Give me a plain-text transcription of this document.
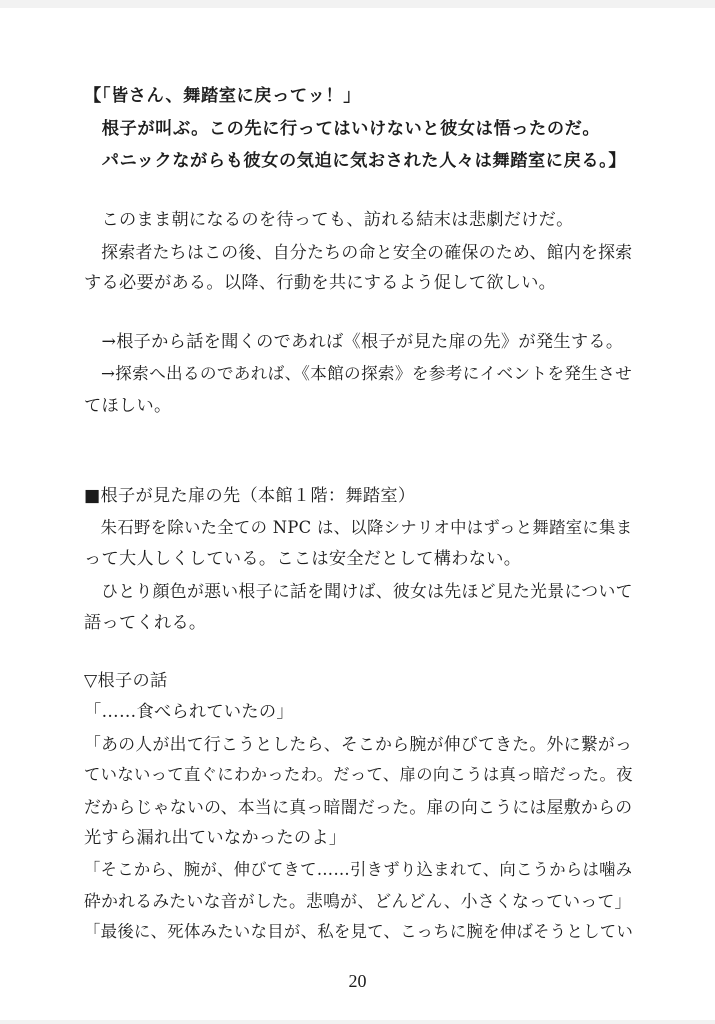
【「皆さん、舞踏室に戻ってッ！」
　根子が叫ぶ。この先に行ってはいけないと彼女は悟ったのだ。
　パニックながらも彼女の気迫に気おされた人々は舞踏室に戻る。】
　このまま朝になるのを待っても、訪れる結末は悲劇だけだ。
　探索者たちはこの後、自分たちの命と安全の確保のため、館内を探索
する必要がある。以降、行動を共にするよう促して欲しい。
　→根子から話を聞くのであれば《根子が見た扉の先》が発生する。
　→探索へ出るのであれば、《本館の探索》を参考にイベントを発生させ
てほしい。
■根子が見た扉の先（本館１階：舞踏室）
　朱石野を除いた全ての NPC は、以降シナリオ中はずっと舞踏室に集ま
って大人しくしている。ここは安全だとして構わない。
　ひとり顔色が悪い根子に話を聞けば、彼女は先ほど見た光景について
語ってくれる。
▽根子の話
「……食べられていたの」
「あの人が出て行こうとしたら、そこから腕が伸びてきた。外に繋がっ
ていないって直ぐにわかったわ。だって、扉の向こうは真っ暗だった。夜
だからじゃないの、本当に真っ暗闇だった。扉の向こうには屋敷からの
光すら漏れ出ていなかったのよ」
「そこから、腕が、伸びてきて……引きずり込まれて、向こうからは噛み
砕かれるみたいな音がした。悲鳴が、どんどん、小さくなっていって」
「最後に、死体みたいな目が、私を見て、こっちに腕を伸ばそうとしてい
20
